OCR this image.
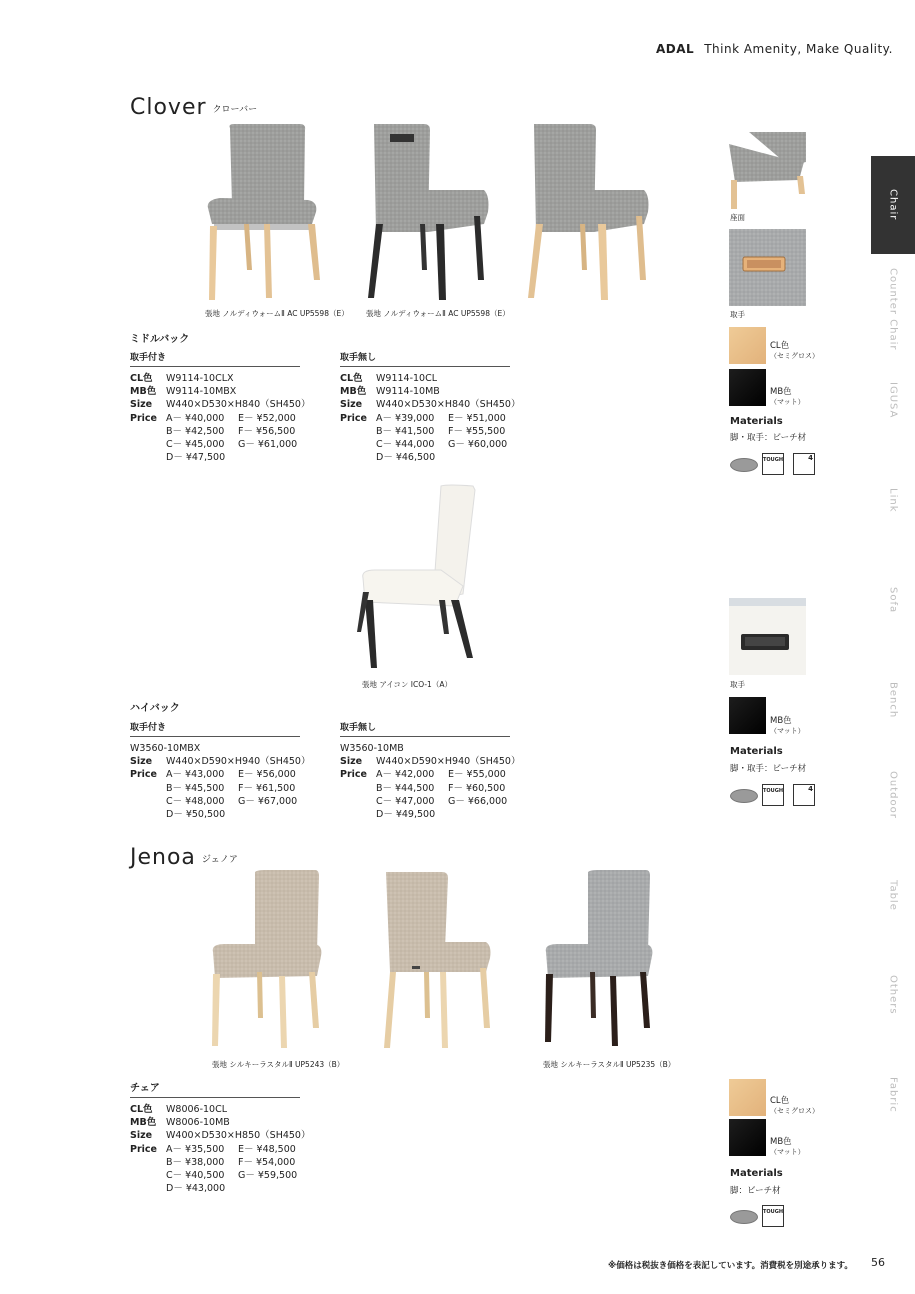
ADAL Think Amenity, Make Quality.
Chair
Counter Chair
IGUSA
Link
Sofa
Bench
Outdoor
Table
Others
Fabric
Clover クローバー
張地 ノルディウォームⅡ AC UP5598（E） 張地 ノルディウォームⅡ AC UP5598（E）
座面
取手
ミドルバック
取手付き
CL色 W9114-10CLX
MB色 W9114-10MBX
Size W440×D530×H840（SH450）
Price A－ ¥40,000	E－ ¥52,000
B－ ¥42,500	F－ ¥56,500
C－ ¥45,000	G－ ¥61,000
D－ ¥47,500
取手無し
CL色 W9114-10CL
MB色 W9114-10MB
Size W440×D530×H840（SH450）
Price A－ ¥39,000	E－ ¥51,000
B－ ¥41,500	F－ ¥55,500
C－ ¥44,000	G－ ¥60,000
D－ ¥46,500
CL色
（セミグロス）
MB色
（マット）
Materials
脚・取手：ビーチ材
TOUGH	4
張地 アイコン ICO-1（A）	取手
ハイバック
取手付き
W3560-10MBX
Size W440×D590×H940（SH450）
Price A－ ¥43,000	E－ ¥56,000
B－ ¥45,500	F－ ¥61,500
C－ ¥48,000	G－ ¥67,000
D－ ¥50,500
取手無し
W3560-10MB
Size W440×D590×H940（SH450）
Price A－ ¥42,000	E－ ¥55,000
B－ ¥44,500	F－ ¥60,500
C－ ¥47,000	G－ ¥66,000
D－ ¥49,500
MB色
（マット）
Materials
脚・取手：ビーチ材
TOUGH	4
Jenoa ジェノア
張地 シルキーラスタルⅡ UP5243（B）	張地 シルキーラスタルⅡ UP5235（B）
チェア
CL色 W8006-10CL
MB色 W8006-10MB
Size W400×D530×H850（SH450）
Price A－ ¥35,500	E－ ¥48,500
B－ ¥38,000	F－ ¥54,000
C－ ¥40,500	G－ ¥59,500
D－ ¥43,000
CL色
（セミグロス）
MB色
（マット）
Materials
脚：ビーチ材
TOUGH
※価格は税抜き価格を表記しています。消費税を別途承ります。 56
